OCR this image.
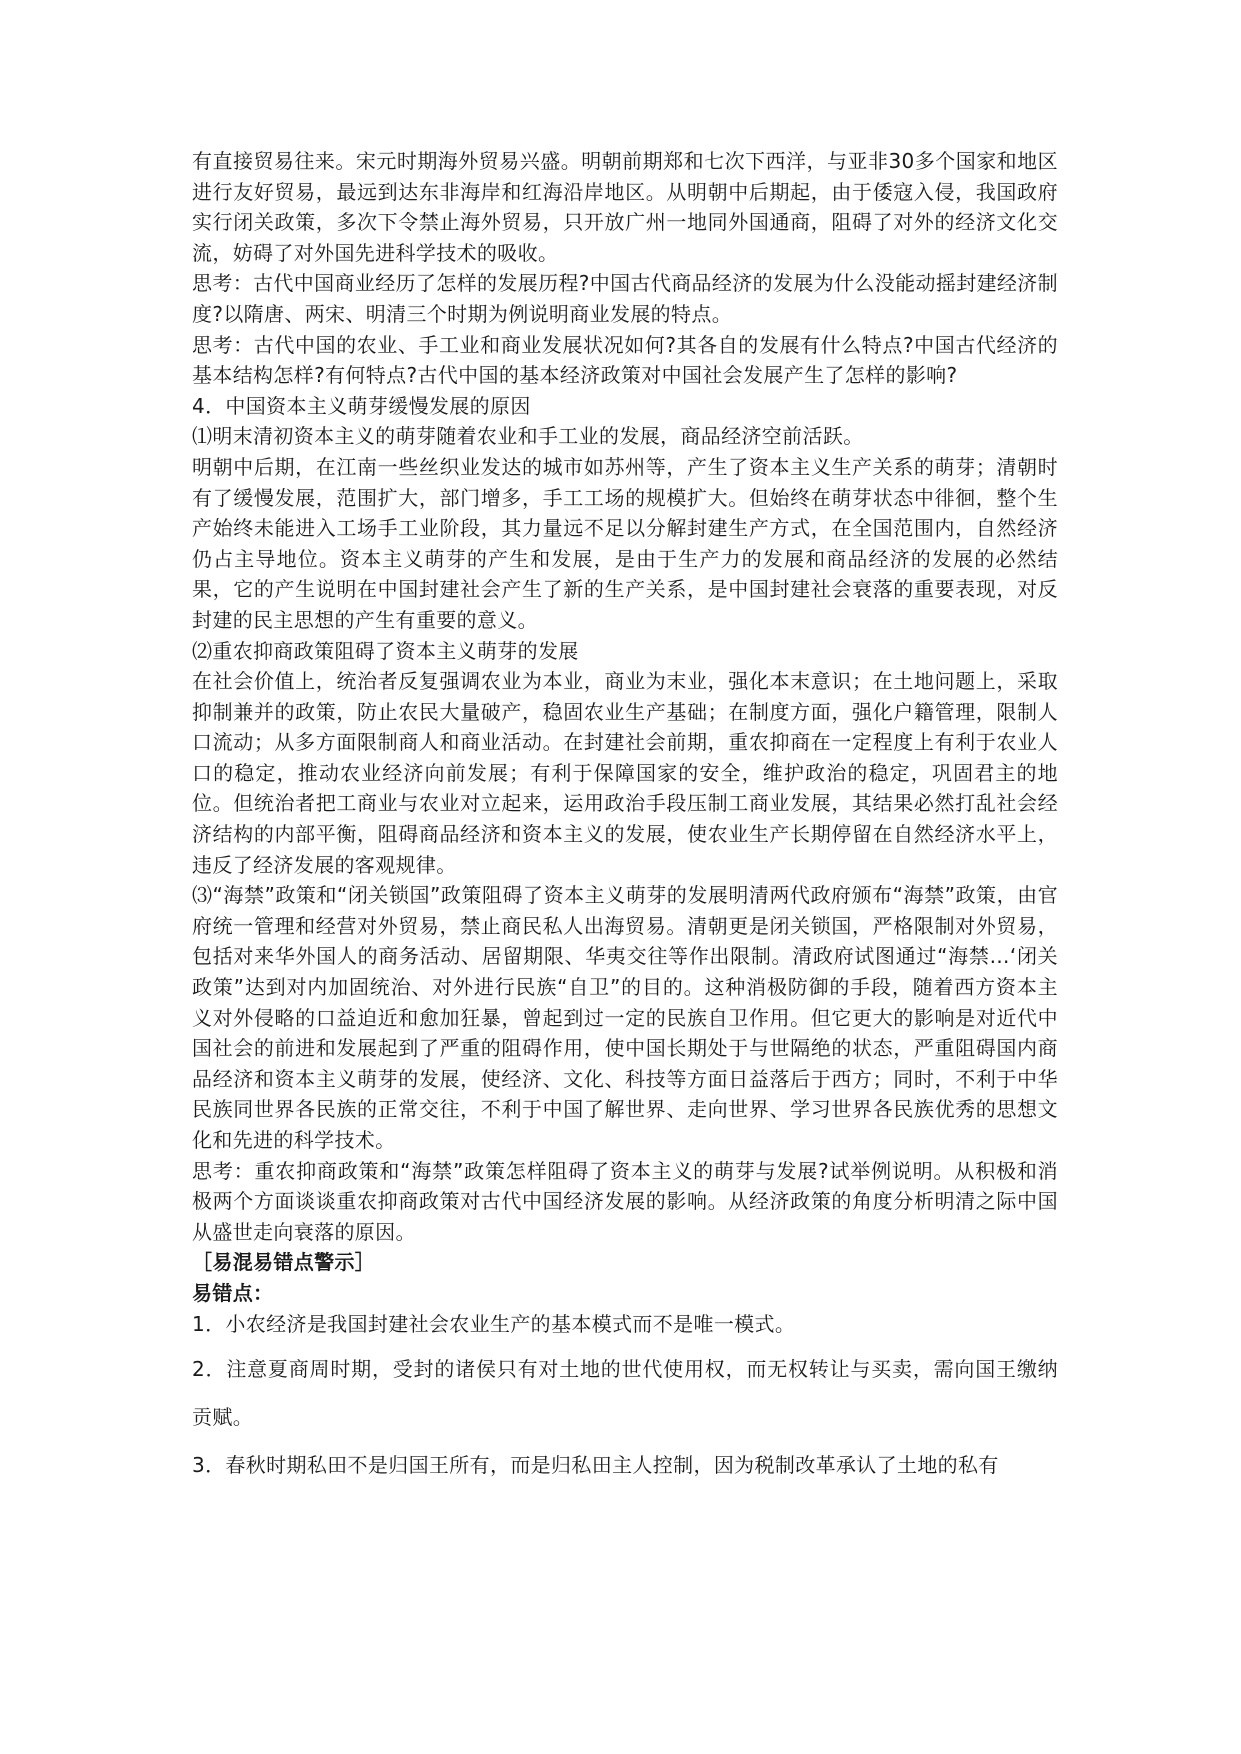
有直接贸易往来。宋元时期海外贸易兴盛。明朝前期郑和七次下西洋，与亚非30多个国家和地区进行友好贸易，最远到达东非海岸和红海沿岸地区。从明朝中后期起，由于倭寇入侵，我国政府实行闭关政策，多次下令禁止海外贸易，只开放广州一地同外国通商，阻碍了对外的经济文化交流，妨碍了对外国先进科学技术的吸收。

思考：古代中国商业经历了怎样的发展历程?中国古代商品经济的发展为什么没能动摇封建经济制度?以隋唐、两宋、明清三个时期为例说明商业发展的特点。

思考：古代中国的农业、手工业和商业发展状况如何?其各自的发展有什么特点?中国古代经济的基本结构怎样?有何特点?古代中国的基本经济政策对中国社会发展产生了怎样的影响?

4．中国资本主义萌芽缓慢发展的原因

⑴明末清初资本主义的萌芽随着农业和手工业的发展，商品经济空前活跃。

明朝中后期，在江南一些丝织业发达的城市如苏州等，产生了资本主义生产关系的萌芽；清朝时有了缓慢发展，范围扩大，部门增多，手工工场的规模扩大。但始终在萌芽状态中徘徊，整个生产始终未能进入工场手工业阶段，其力量远不足以分解封建生产方式，在全国范围内，自然经济仍占主导地位。资本主义萌芽的产生和发展，是由于生产力的发展和商品经济的发展的必然结果，它的产生说明在中国封建社会产生了新的生产关系，是中国封建社会衰落的重要表现，对反封建的民主思想的产生有重要的意义。

⑵重农抑商政策阻碍了资本主义萌芽的发展

在社会价值上，统治者反复强调农业为本业，商业为末业，强化本末意识；在土地问题上，采取抑制兼并的政策，防止农民大量破产，稳固农业生产基础；在制度方面，强化户籍管理，限制人口流动；从多方面限制商人和商业活动。在封建社会前期，重农抑商在一定程度上有利于农业人口的稳定，推动农业经济向前发展；有利于保障国家的安全，维护政治的稳定，巩固君主的地位。但统治者把工商业与农业对立起来，运用政治手段压制工商业发展，其结果必然打乱社会经济结构的内部平衡，阻碍商品经济和资本主义的发展，使农业生产长期停留在自然经济水平上，违反了经济发展的客观规律。

⑶“海禁”政策和“闭关锁国”政策阻碍了资本主义萌芽的发展明清两代政府颁布“海禁”政策，由官府统一管理和经营对外贸易，禁止商民私人出海贸易。清朝更是闭关锁国，严格限制对外贸易，包括对来华外国人的商务活动、居留期限、华夷交往等作出限制。清政府试图通过“海禁…‘闭关政策”达到对内加固统治、对外进行民族“自卫”的目的。这种消极防御的手段，随着西方资本主义对外侵略的口益迫近和愈加狂暴，曾起到过一定的民族自卫作用。但它更大的影响是对近代中国社会的前进和发展起到了严重的阻碍作用，使中国长期处于与世隔绝的状态，严重阻碍国内商品经济和资本主义萌芽的发展，使经济、文化、科技等方面日益落后于西方；同时，不利于中华民族同世界各民族的正常交往，不利于中国了解世界、走向世界、学习世界各民族优秀的思想文化和先进的科学技术。

思考：重农抑商政策和“海禁”政策怎样阻碍了资本主义的萌芽与发展?试举例说明。从积极和消极两个方面谈谈重农抑商政策对古代中国经济发展的影响。从经济政策的角度分析明清之际中国从盛世走向衰落的原因。

［易混易错点警示］

易错点：

1．小农经济是我国封建社会农业生产的基本模式而不是唯一模式。

2．注意夏商周时期，受封的诸侯只有对土地的世代使用权，而无权转让与买卖，需向国王缴纳贡赋。

3．春秋时期私田不是归国王所有，而是归私田主人控制，因为税制改革承认了土地的私有
